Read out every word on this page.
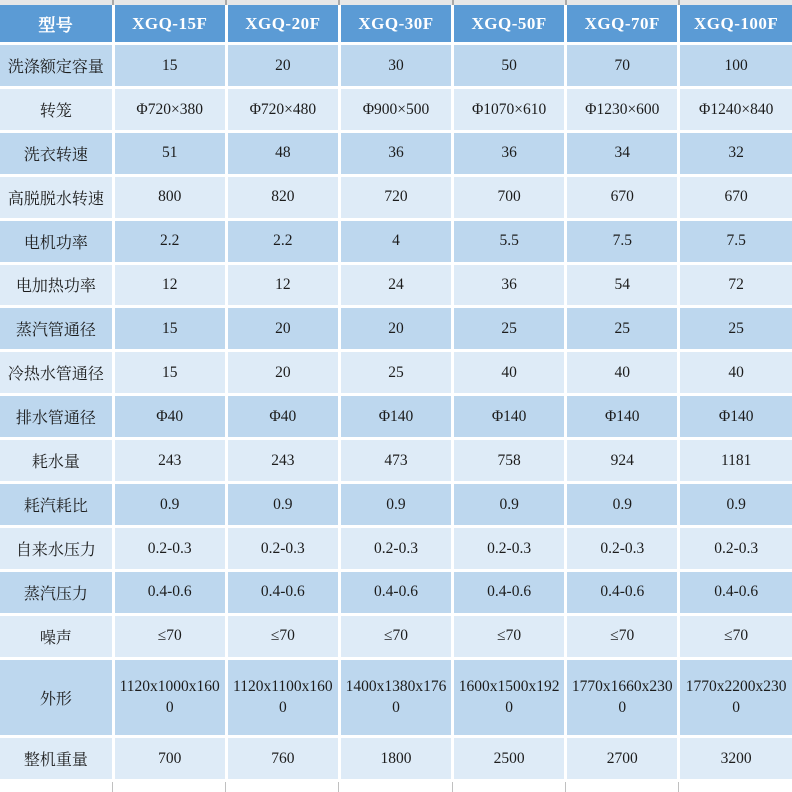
型号	XGQ-15F	XGQ-20F	XGQ-30F	XGQ-50F	XGQ-70F	XGQ-100F
洗涤额定容量	15	20	30	50	70	100
转笼	Φ720×380	Φ720×480	Φ900×500	Φ1070×610	Φ1230×600	Φ1240×840
洗衣转速	51	48	36	36	34	32
高脱脱水转速	800	820	720	700	670	670
电机功率	2.2	2.2	4	5.5	7.5	7.5
电加热功率	12	12	24	36	54	72
蒸汽管通径	15	20	20	25	25	25
冷热水管通径	15	20	25	40	40	40
排水管通径	Φ40	Φ40	Φ140	Φ140	Φ140	Φ140
耗水量	243	243	473	758	924	1181
耗汽耗比	0.9	0.9	0.9	0.9	0.9	0.9
自来水压力	0.2-0.3	0.2-0.3	0.2-0.3	0.2-0.3	0.2-0.3	0.2-0.3
蒸汽压力	0.4-0.6	0.4-0.6	0.4-0.6	0.4-0.6	0.4-0.6	0.4-0.6
噪声	≤70	≤70	≤70	≤70	≤70	≤70
外形	1120x1000x1600	1120x1100x1600	1400x1380x1760	1600x1500x1920	1770x1660x2300	1770x2200x2300
整机重量	700	760	1800	2500	2700	3200
